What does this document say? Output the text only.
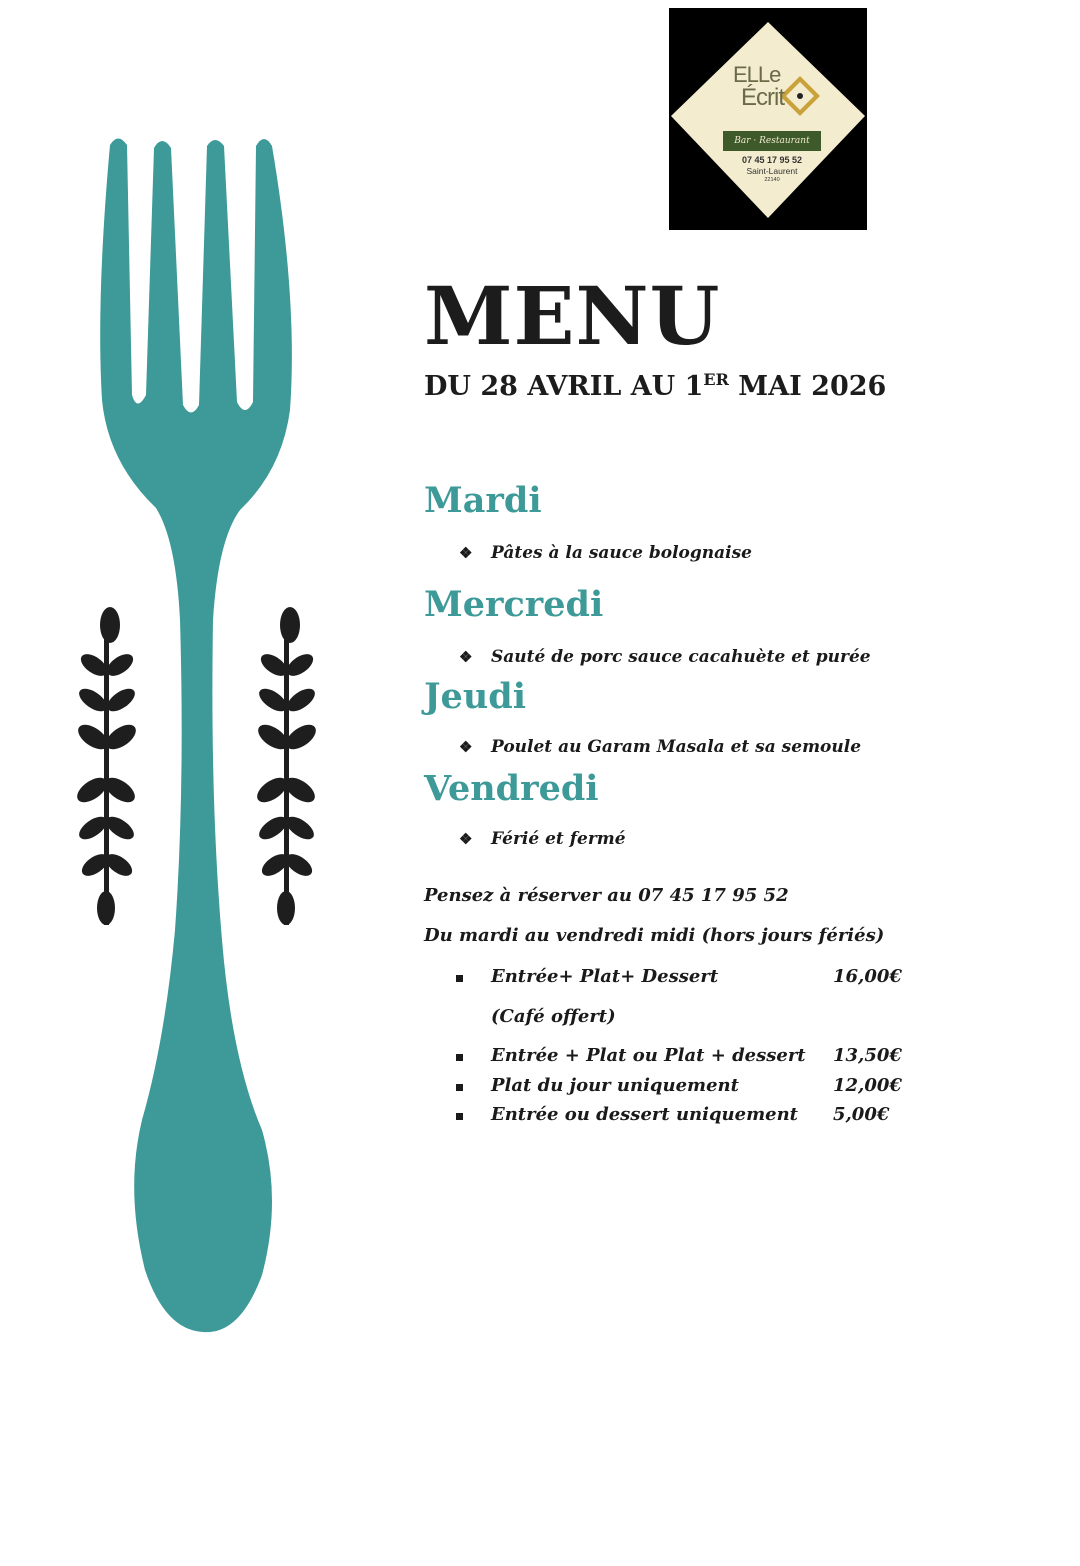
ELLe
Écrit
Bar · Restaurant
07 45 17 95 52
Saint-Laurent
22140
MENU
DU 28 AVRIL AU 1ER MAI 2026
Mardi
❖ Pâtes à la sauce bolognaise
Mercredi
❖ Sauté de porc sauce cacahuète et purée
Jeudi
❖ Poulet au Garam Masala et sa semoule
Vendredi
❖ Férié et fermé
Pensez à réserver au 07 45 17 95 52
Du mardi au vendredi midi (hors jours fériés)
Entrée+ Plat+ Dessert	16,00€
(Café offert)
Entrée + Plat ou Plat + dessert 13,50€
Plat du jour uniquement	12,00€
Entrée ou dessert uniquement 5,00€
